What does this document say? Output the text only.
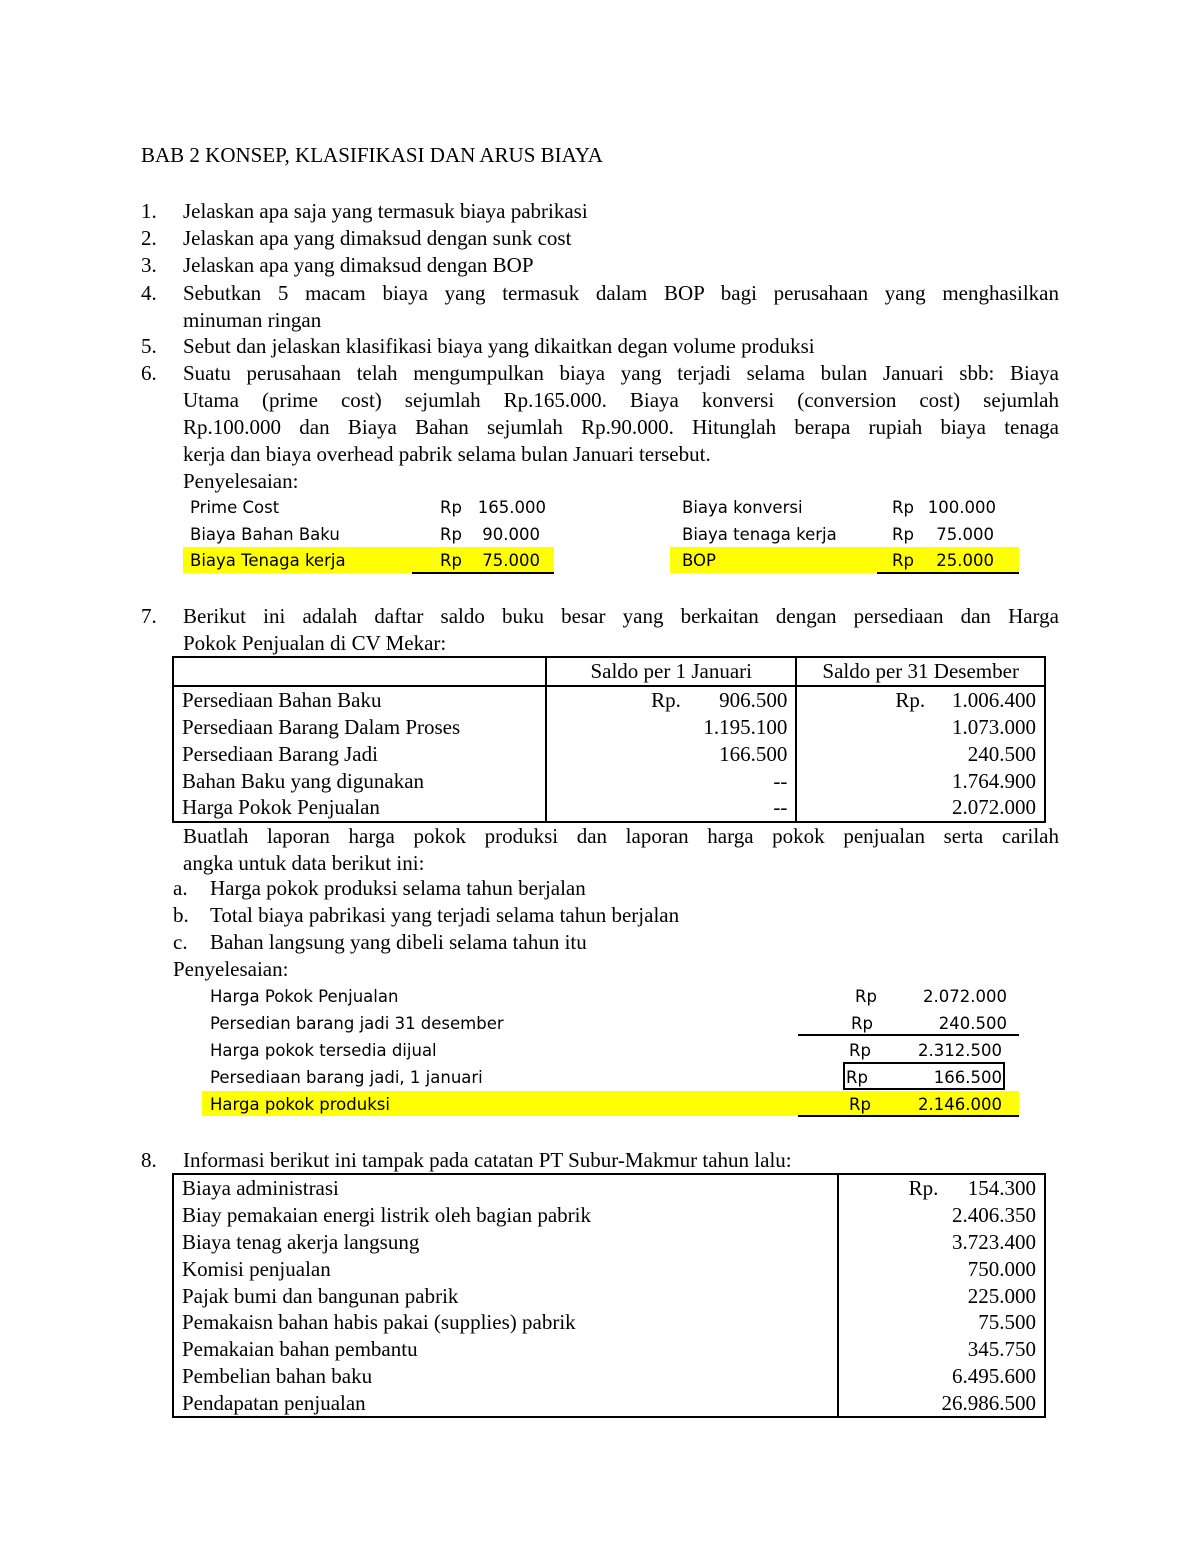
BAB 2 KONSEP, KLASIFIKASI DAN ARUS BIAYA
1. Jelaskan apa saja yang termasuk biaya pabrikasi
2. Jelaskan apa yang dimaksud dengan sunk cost
3. Jelaskan apa yang dimaksud dengan BOP
4. Sebutkan 5 macam biaya yang termasuk dalam BOP bagi perusahaan yang menghasilkan
minuman ringan
5. Sebut dan jelaskan klasifikasi biaya yang dikaitkan degan volume produksi
6. Suatu perusahaan telah mengumpulkan biaya yang terjadi selama bulan Januari sbb: Biaya
Utama (prime cost) sejumlah Rp.165.000. Biaya konversi (conversion cost) sejumlah
Rp.100.000 dan Biaya Bahan sejumlah Rp.90.000. Hitunglah berapa rupiah biaya tenaga
kerja dan biaya overhead pabrik selama bulan Januari tersebut.
Penyelesaian:
Prime Cost	Rp 165.000
Biaya Bahan Baku	Rp	90.000
Biaya Tenaga kerja	Rp	75.000
Biaya konversi	Rp 100.000
Biaya tenaga kerja	Rp	75.000
BOP	Rp	25.000
7. Berikut ini adalah daftar saldo buku besar yang berkaitan dengan persediaan dan Harga
Pokok Penjualan di CV Mekar:
	Saldo per 1 Januari	Saldo per 31 Desember
Persediaan Bahan Baku	Rp. 906.500	Rp. 1.006.400
Persediaan Barang Dalam Proses	1.195.100	1.073.000
Persediaan Barang Jadi	166.500	240.500
Bahan Baku yang digunakan	--	1.764.900
Harga Pokok Penjualan	--	2.072.000
Buatlah laporan harga pokok produksi dan laporan harga pokok penjualan serta carilah
angka untuk data berikut ini:
a. Harga pokok produksi selama tahun berjalan
b. Total biaya pabrikasi yang terjadi selama tahun berjalan
c. Bahan langsung yang dibeli selama tahun itu
Penyelesaian:
Harga Pokok Penjualan	Rp	2.072.000
Persedian barang jadi 31 desember	Rp	240.500
Harga pokok tersedia dijual	Rp	2.312.500
Persediaan barang jadi, 1 januari	Rp	166.500
Harga pokok produksi	Rp	2.146.000
8. Informasi berikut ini tampak pada catatan PT Subur-Makmur tahun lalu:
Biaya administrasi	Rp. 154.300
Biay pemakaian energi listrik oleh bagian pabrik	2.406.350
Biaya tenag akerja langsung	3.723.400
Komisi penjualan	750.000
Pajak bumi dan bangunan pabrik	225.000
Pemakaisn bahan habis pakai (supplies) pabrik	75.500
Pemakaian bahan pembantu	345.750
Pembelian bahan baku	6.495.600
Pendapatan penjualan	26.986.500
